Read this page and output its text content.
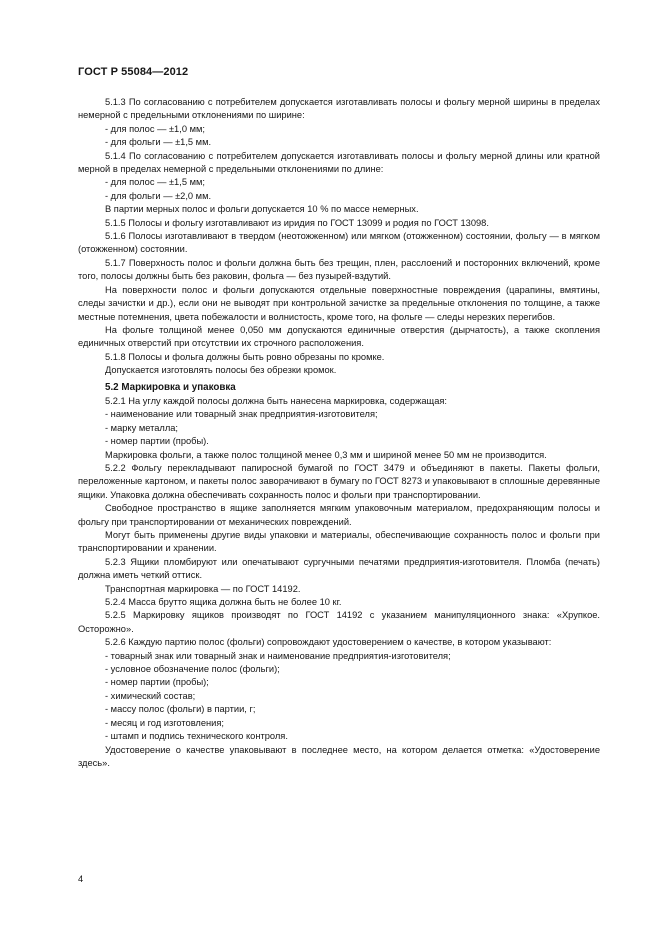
ГОСТ Р 55084—2012

5.1.3 По согласованию с потребителем допускается изготавливать полосы и фольгу мерной ширины в пределах немерной с предельными отклонениями по ширине:

- для полос — ±1,0 мм;
- для фольги — ±1,5 мм.

5.1.4 По согласованию с потребителем допускается изготавливать полосы и фольгу мерной длины или кратной мерной в пределах немерной с предельными отклонениями по длине:

- для полос — ±1,5 мм;
- для фольги — ±2,0 мм.

В партии мерных полос и фольги допускается 10 % по массе немерных.

5.1.5 Полосы и фольгу изготавливают из иридия по ГОСТ 13099 и родия по ГОСТ 13098.

5.1.6 Полосы изготавливают в твердом (неотожженном) или мягком (отожженном) состоянии, фольгу — в мягком (отожженном) состоянии.

5.1.7 Поверхность полос и фольги должна быть без трещин, плен, расслоений и посторонних включений, кроме того, полосы должны быть без раковин, фольга — без пузырей-вздутий.

На поверхности полос и фольги допускаются отдельные поверхностные повреждения (царапины, вмятины, следы зачистки и др.), если они не выводят при контрольной зачистке за предельные отклонения по толщине, а также местные потемнения, цвета побежалости и волнистость, кроме того, на фольге — следы нерезких перегибов.

На фольге толщиной менее 0,050 мм допускаются единичные отверстия (дырчатость), а также скопления единичных отверстий при отсутствии их строчного расположения.

5.1.8 Полосы и фольга должны быть ровно обрезаны по кромке.

Допускается изготовлять полосы без обрезки кромок.

5.2 Маркировка и упаковка

5.2.1 На углу каждой полосы должна быть нанесена маркировка, содержащая:

- наименование или товарный знак предприятия-изготовителя;
- марку металла;
- номер партии (пробы).

Маркировка фольги, а также полос толщиной менее 0,3 мм и шириной менее 50 мм не производится.

5.2.2 Фольгу перекладывают папиросной бумагой по ГОСТ 3479 и объединяют в пакеты. Пакеты фольги, переложенные картоном, и пакеты полос заворачивают в бумагу по ГОСТ 8273 и упаковывают в сплошные деревянные ящики. Упаковка должна обеспечивать сохранность полос и фольги при транспортировании.

Свободное пространство в ящике заполняется мягким упаковочным материалом, предохраняющим полосы и фольгу при транспортировании от механических повреждений.

Могут быть применены другие виды упаковки и материалы, обеспечивающие сохранность полос и фольги при транспортировании и хранении.

5.2.3 Ящики пломбируют или опечатывают сургучными печатями предприятия-изготовителя. Пломба (печать) должна иметь четкий оттиск.

Транспортная маркировка — по ГОСТ 14192.

5.2.4 Масса брутто ящика должна быть не более 10 кг.

5.2.5 Маркировку ящиков производят по ГОСТ 14192 с указанием манипуляционного знака: «Хрупкое. Осторожно».

5.2.6 Каждую партию полос (фольги) сопровождают удостоверением о качестве, в котором указывают:

- товарный знак или товарный знак и наименование предприятия-изготовителя;
- условное обозначение полос (фольги);
- номер партии (пробы);
- химический состав;
- массу полос (фольги) в партии, г;
- месяц и год изготовления;
- штамп и подпись технического контроля.

Удостоверение о качестве упаковывают в последнее место, на котором делается отметка: «Удостоверение здесь».

4
